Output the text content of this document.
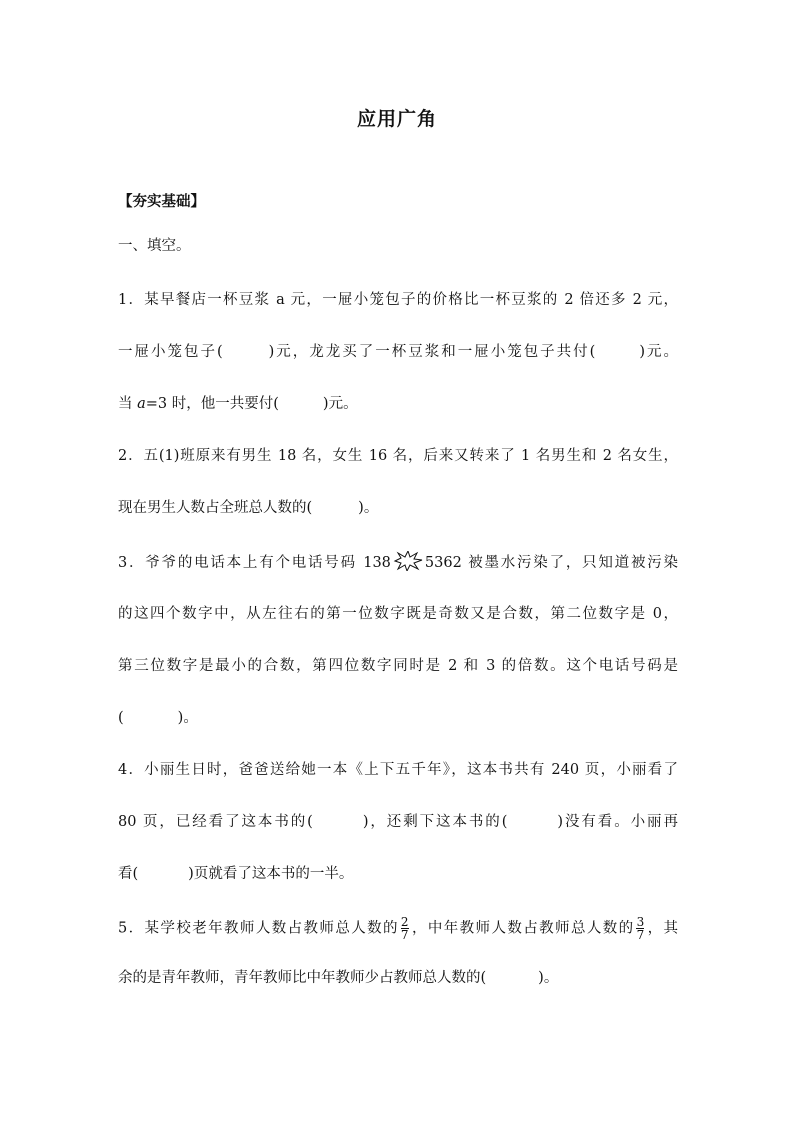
应用广角
【夯实基础】
一、填空。
1．某早餐店一杯豆浆 a 元，一屉小笼包子的价格比一杯豆浆的 2 倍还多 2 元，
一屉小笼包子(	)元，龙龙买了一杯豆浆和一屉小笼包子共付(	)元。
当 a=3 时，他一共要付(	)元。
2．五(1)班原来有男生 18 名，女生 16 名，后来又转来了 1 名男生和 2 名女生，
现在男生人数占全班总人数的(	)。
3．爷爷的电话本上有个电话号码 138 5362 被墨水污染了，只知道被污染
的这四个数字中，从左往右的第一位数字既是奇数又是合数，第二位数字是 0，
第三位数字是最小的合数，第四位数字同时是 2 和 3 的倍数。这个电话号码是
(	)。
4．小丽生日时，爸爸送给她一本《上下五千年》，这本书共有 240 页，小丽看了
80 页，已经看了这本书的(	)，还剩下这本书的(	)没有看。小丽再
看(	)页就看了这本书的一半。
5．某学校老年教师人数占教师总人数的 $\frac{2}{7}$ ，中年教师人数占教师总人数的 $\frac{3}{7}$ ，其
余的是青年教师，青年教师比中年教师少占教师总人数的(	)。
